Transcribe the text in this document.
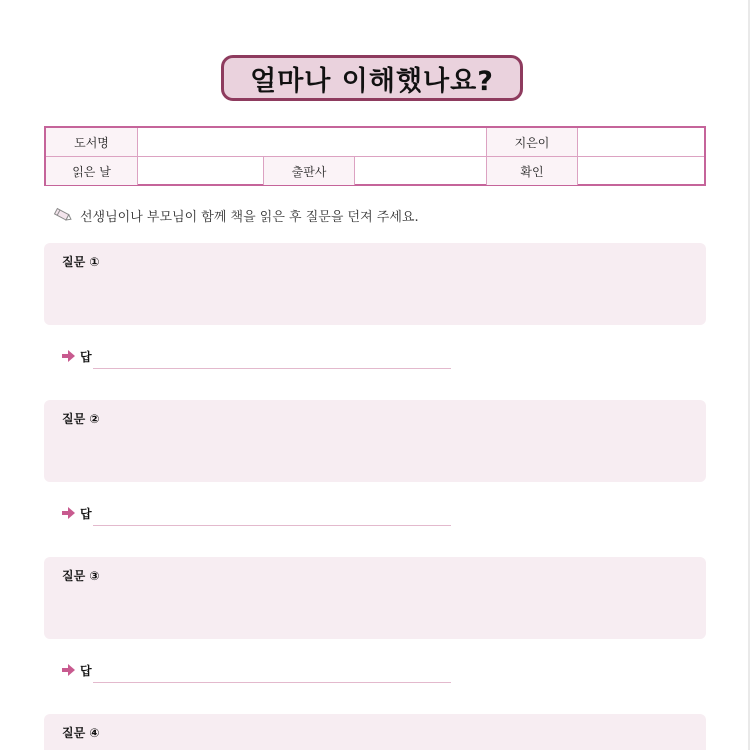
얼마나 이해했나요?
도서명	지은이
읽은 날	출판사	확인
선생님이나 부모님이 함께 책을 읽은 후 질문을 던져 주세요.
질문 ①
답
질문 ②
답
질문 ③
답
질문 ④
